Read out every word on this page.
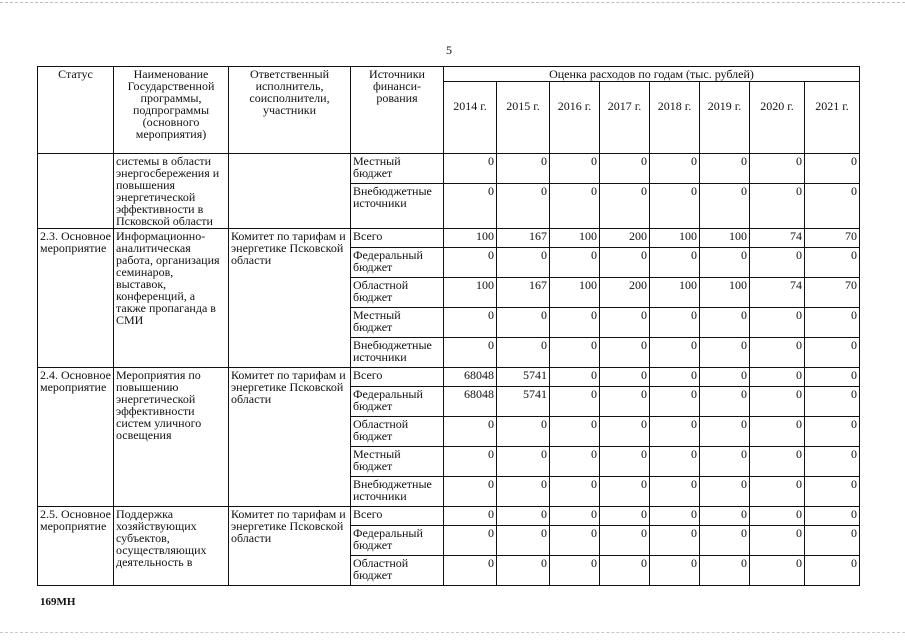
5
Статус	Наименование Государственной программы, подпрограммы (основного мероприятия)	Ответственный исполнитель, соисполнители, участники	Источники финанси-рования	Оценка расходов по годам (тыс. рублей)							
				2014 г.	2015 г.	2016 г.	2017 г.	2018 г.	2019 г.	2020 г.	2021 г.
	системы в области энергосбережения и повышения энергетической эффективности в Псковской области		Местный бюджет	0	0	0	0	0	0	0	0
			Внебюджетные источники	0	0	0	0	0	0	0	0
2.3. Основное мероприятие	Информационно-аналитическая работа, организация семинаров, выставок, конференций, а также пропаганда в СМИ	Комитет по тарифам и энергетике Псковской области	Всего	100	167	100	200	100	100	74	70
			Федеральный бюджет	0	0	0	0	0	0	0	0
			Областной бюджет	100	167	100	200	100	100	74	70
			Местный бюджет	0	0	0	0	0	0	0	0
			Внебюджетные источники	0	0	0	0	0	0	0	0
2.4. Основное мероприятие	Мероприятия по повышению энергетической эффективности систем уличного освещения	Комитет по тарифам и энергетике Псковской области	Всего	68048	5741	0	0	0	0	0	0
			Федеральный бюджет	68048	5741	0	0	0	0	0	0
			Областной бюджет	0	0	0	0	0	0	0	0
			Местный бюджет	0	0	0	0	0	0	0	0
			Внебюджетные источники	0	0	0	0	0	0	0	0
2.5. Основное мероприятие	Поддержка хозяйствующих субъектов, осуществляющих деятельность в	Комитет по тарифам и энергетике Псковской области	Всего	0	0	0	0	0	0	0	0
			Федеральный бюджет	0	0	0	0	0	0	0	0
			Областной бюджет	0	0	0	0	0	0	0	0
169МН
